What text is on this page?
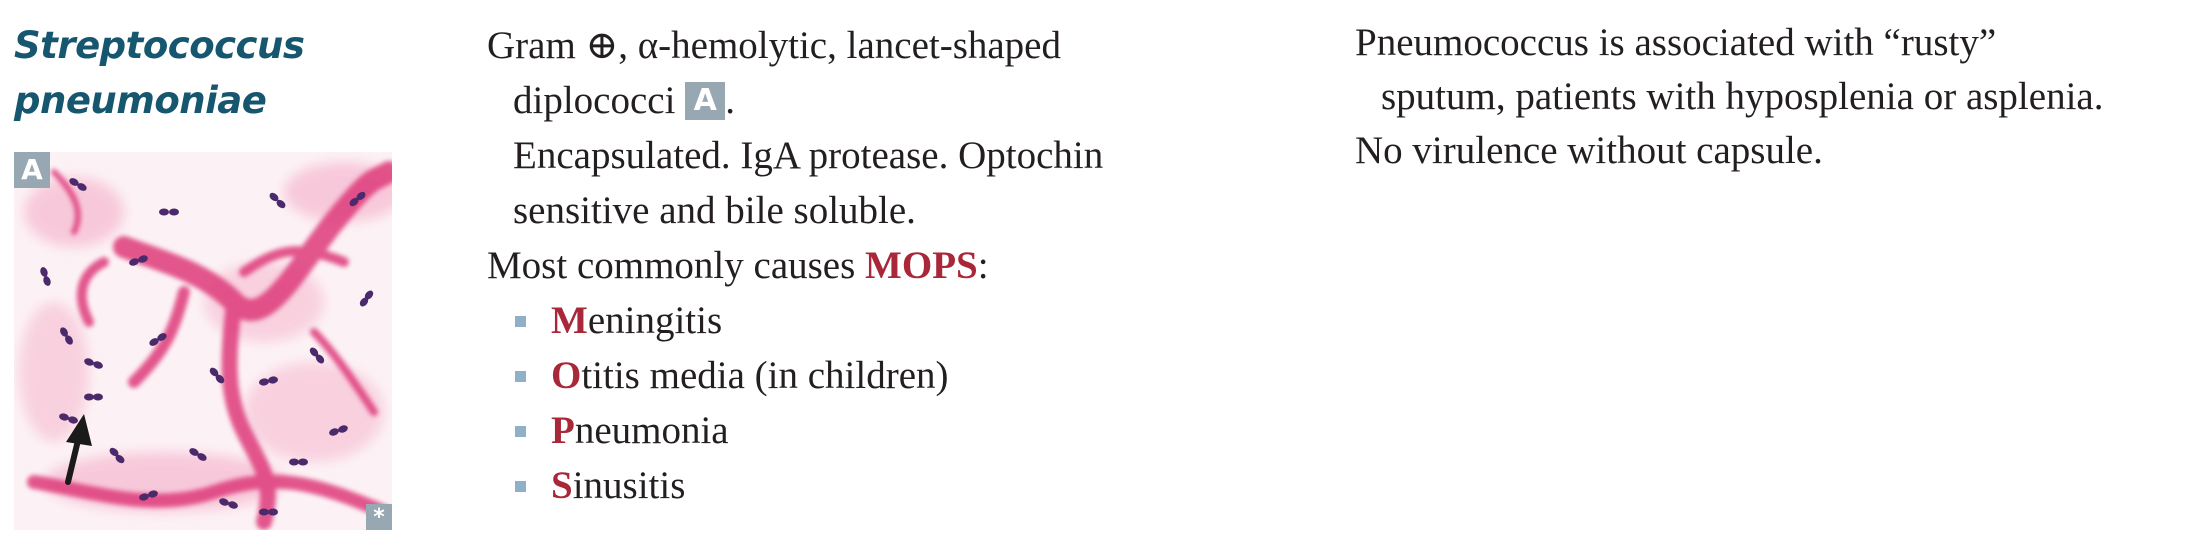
Streptococcus
pneumoniae
A
*
Gram ⊕, α-hemolytic, lancet-shaped
diplococci A .
Encapsulated. IgA protease. Optochin
sensitive and bile soluble.
Most commonly causes MOPS:
Meningitis
Otitis media (in children)
Pneumonia
Sinusitis
Pneumococcus is associated with “rusty”
sputum, patients with hyposplenia or asplenia.
No virulence without capsule.
